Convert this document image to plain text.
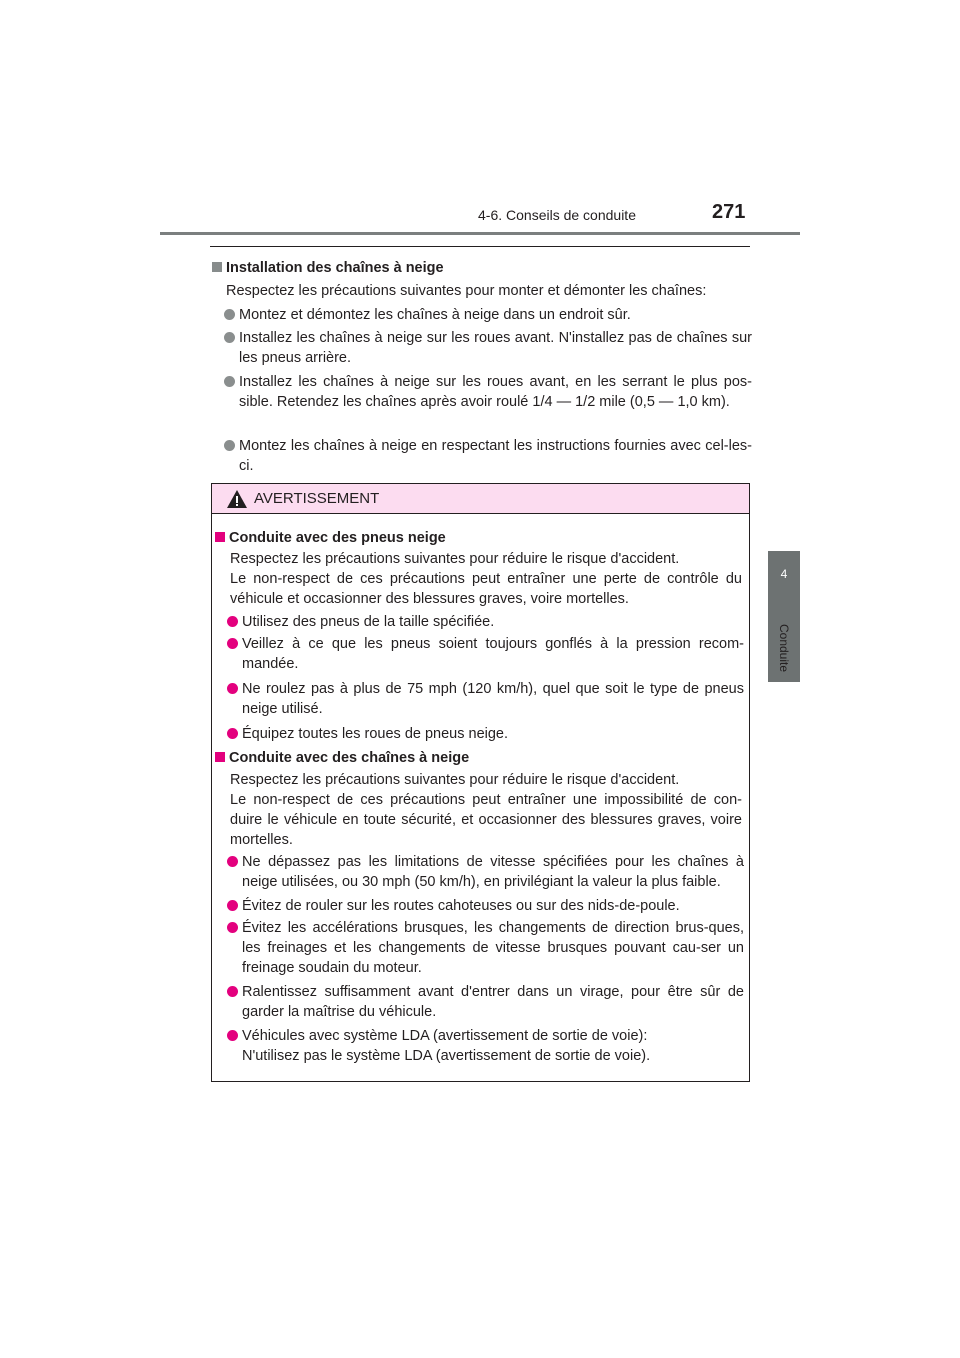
4-6. Conseils de conduite	271
4
Conduite

Installation des chaînes à neige

Respectez les précautions suivantes pour monter et démonter les chaînes:

Montez et démontez les chaînes à neige dans un endroit sûr.

Installez les chaînes à neige sur les roues avant. N'installez pas de chaînes sur les pneus arrière.

Installez les chaînes à neige sur les roues avant, en les serrant le plus pos-sible. Retendez les chaînes après avoir roulé 1/4 — 1/2 mile (0,5 — 1,0 km).

Montez les chaînes à neige en respectant les instructions fournies avec cel-les-ci.

AVERTISSEMENT

Conduite avec des pneus neige

Respectez les précautions suivantes pour réduire le risque d'accident.

Le non-respect de ces précautions peut entraîner une perte de contrôle du véhicule et occasionner des blessures graves, voire mortelles.

Utilisez des pneus de la taille spécifiée.

Veillez à ce que les pneus soient toujours gonflés à la pression recom-mandée.

Ne roulez pas à plus de 75 mph (120 km/h), quel que soit le type de pneus neige utilisé.

Équipez toutes les roues de pneus neige.

Conduite avec des chaînes à neige

Respectez les précautions suivantes pour réduire le risque d'accident.

Le non-respect de ces précautions peut entraîner une impossibilité de con-duire le véhicule en toute sécurité, et occasionner des blessures graves, voire mortelles.

Ne dépassez pas les limitations de vitesse spécifiées pour les chaînes à neige utilisées, ou 30 mph (50 km/h), en privilégiant la valeur la plus faible.

Évitez de rouler sur les routes cahoteuses ou sur des nids-de-poule.

Évitez les accélérations brusques, les changements de direction brus-ques, les freinages et les changements de vitesse brusques pouvant cau-ser un freinage soudain du moteur.

Ralentissez suffisamment avant d'entrer dans un virage, pour être sûr de garder la maîtrise du véhicule.

Véhicules avec système LDA (avertissement de sortie de voie):

N'utilisez pas le système LDA (avertissement de sortie de voie).
